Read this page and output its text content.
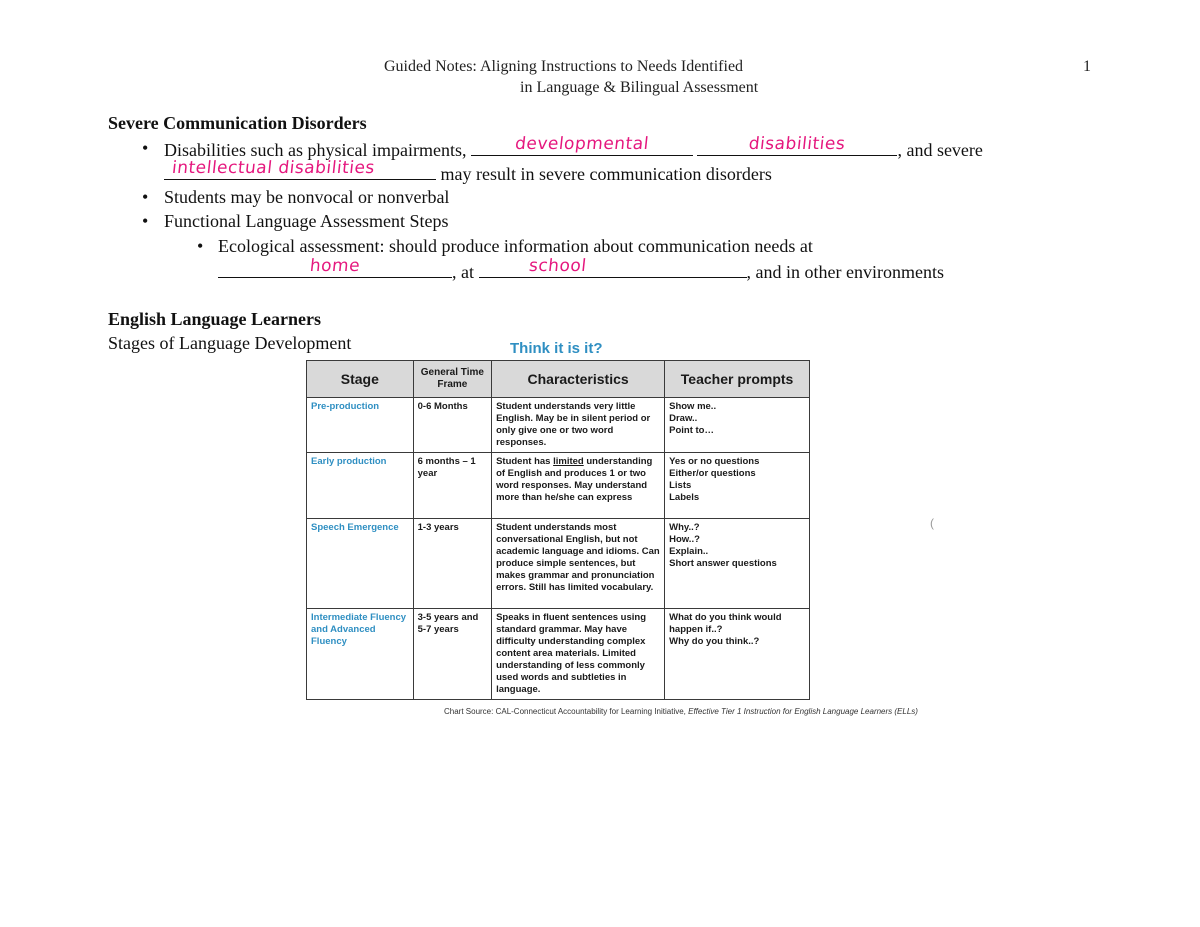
Guided Notes: Aligning Instructions to Needs Identified
in Language & Bilingual Assessment
1
Severe Communication Disorders
• Disabilities such as physical impairments,	developmental
	disabilities	, and severe
intellectual disabilities	may result in severe communication disorders
• Students may be nonvocal or nonverbal
• Functional Language Assessment Steps
• Ecological assessment: should produce information about communication needs at
home	, at	school	, and in other environments
English Language Learners
Stages of Language Development	Think it is it?
Stage	General Time Frame	Characteristics	Teacher prompts
Pre-production	0-6 Months	Student understands very little English. May be in silent period or only give one or two word responses.	Show me..
Draw..
Point to…

Early production	6 months – 1 year	Student has limited understanding of English and produces 1 or two word responses. May understand more than he/she can express	Yes or no questions
Either/or questions
Lists
Labels

Speech Emergence	1-3 years	Student understands most conversational English, but not academic language and idioms. Can produce simple sentences, but makes grammar and pronunciation errors. Still has limited vocabulary.	Why..?
How..?
Explain..
Short answer questions

Intermediate Fluency and Advanced Fluency	3-5 years and 5-7 years	Speaks in fluent sentences using standard grammar. May have difficulty understanding complex content area materials. Limited understanding of less commonly used words and subtleties in language.	What do you think would happen if..?
Why do you think..?
Chart Source: CAL-Connecticut Accountability for Learning Initiative, Effective Tier 1 Instruction for English Language Learners (ELLs)
(
